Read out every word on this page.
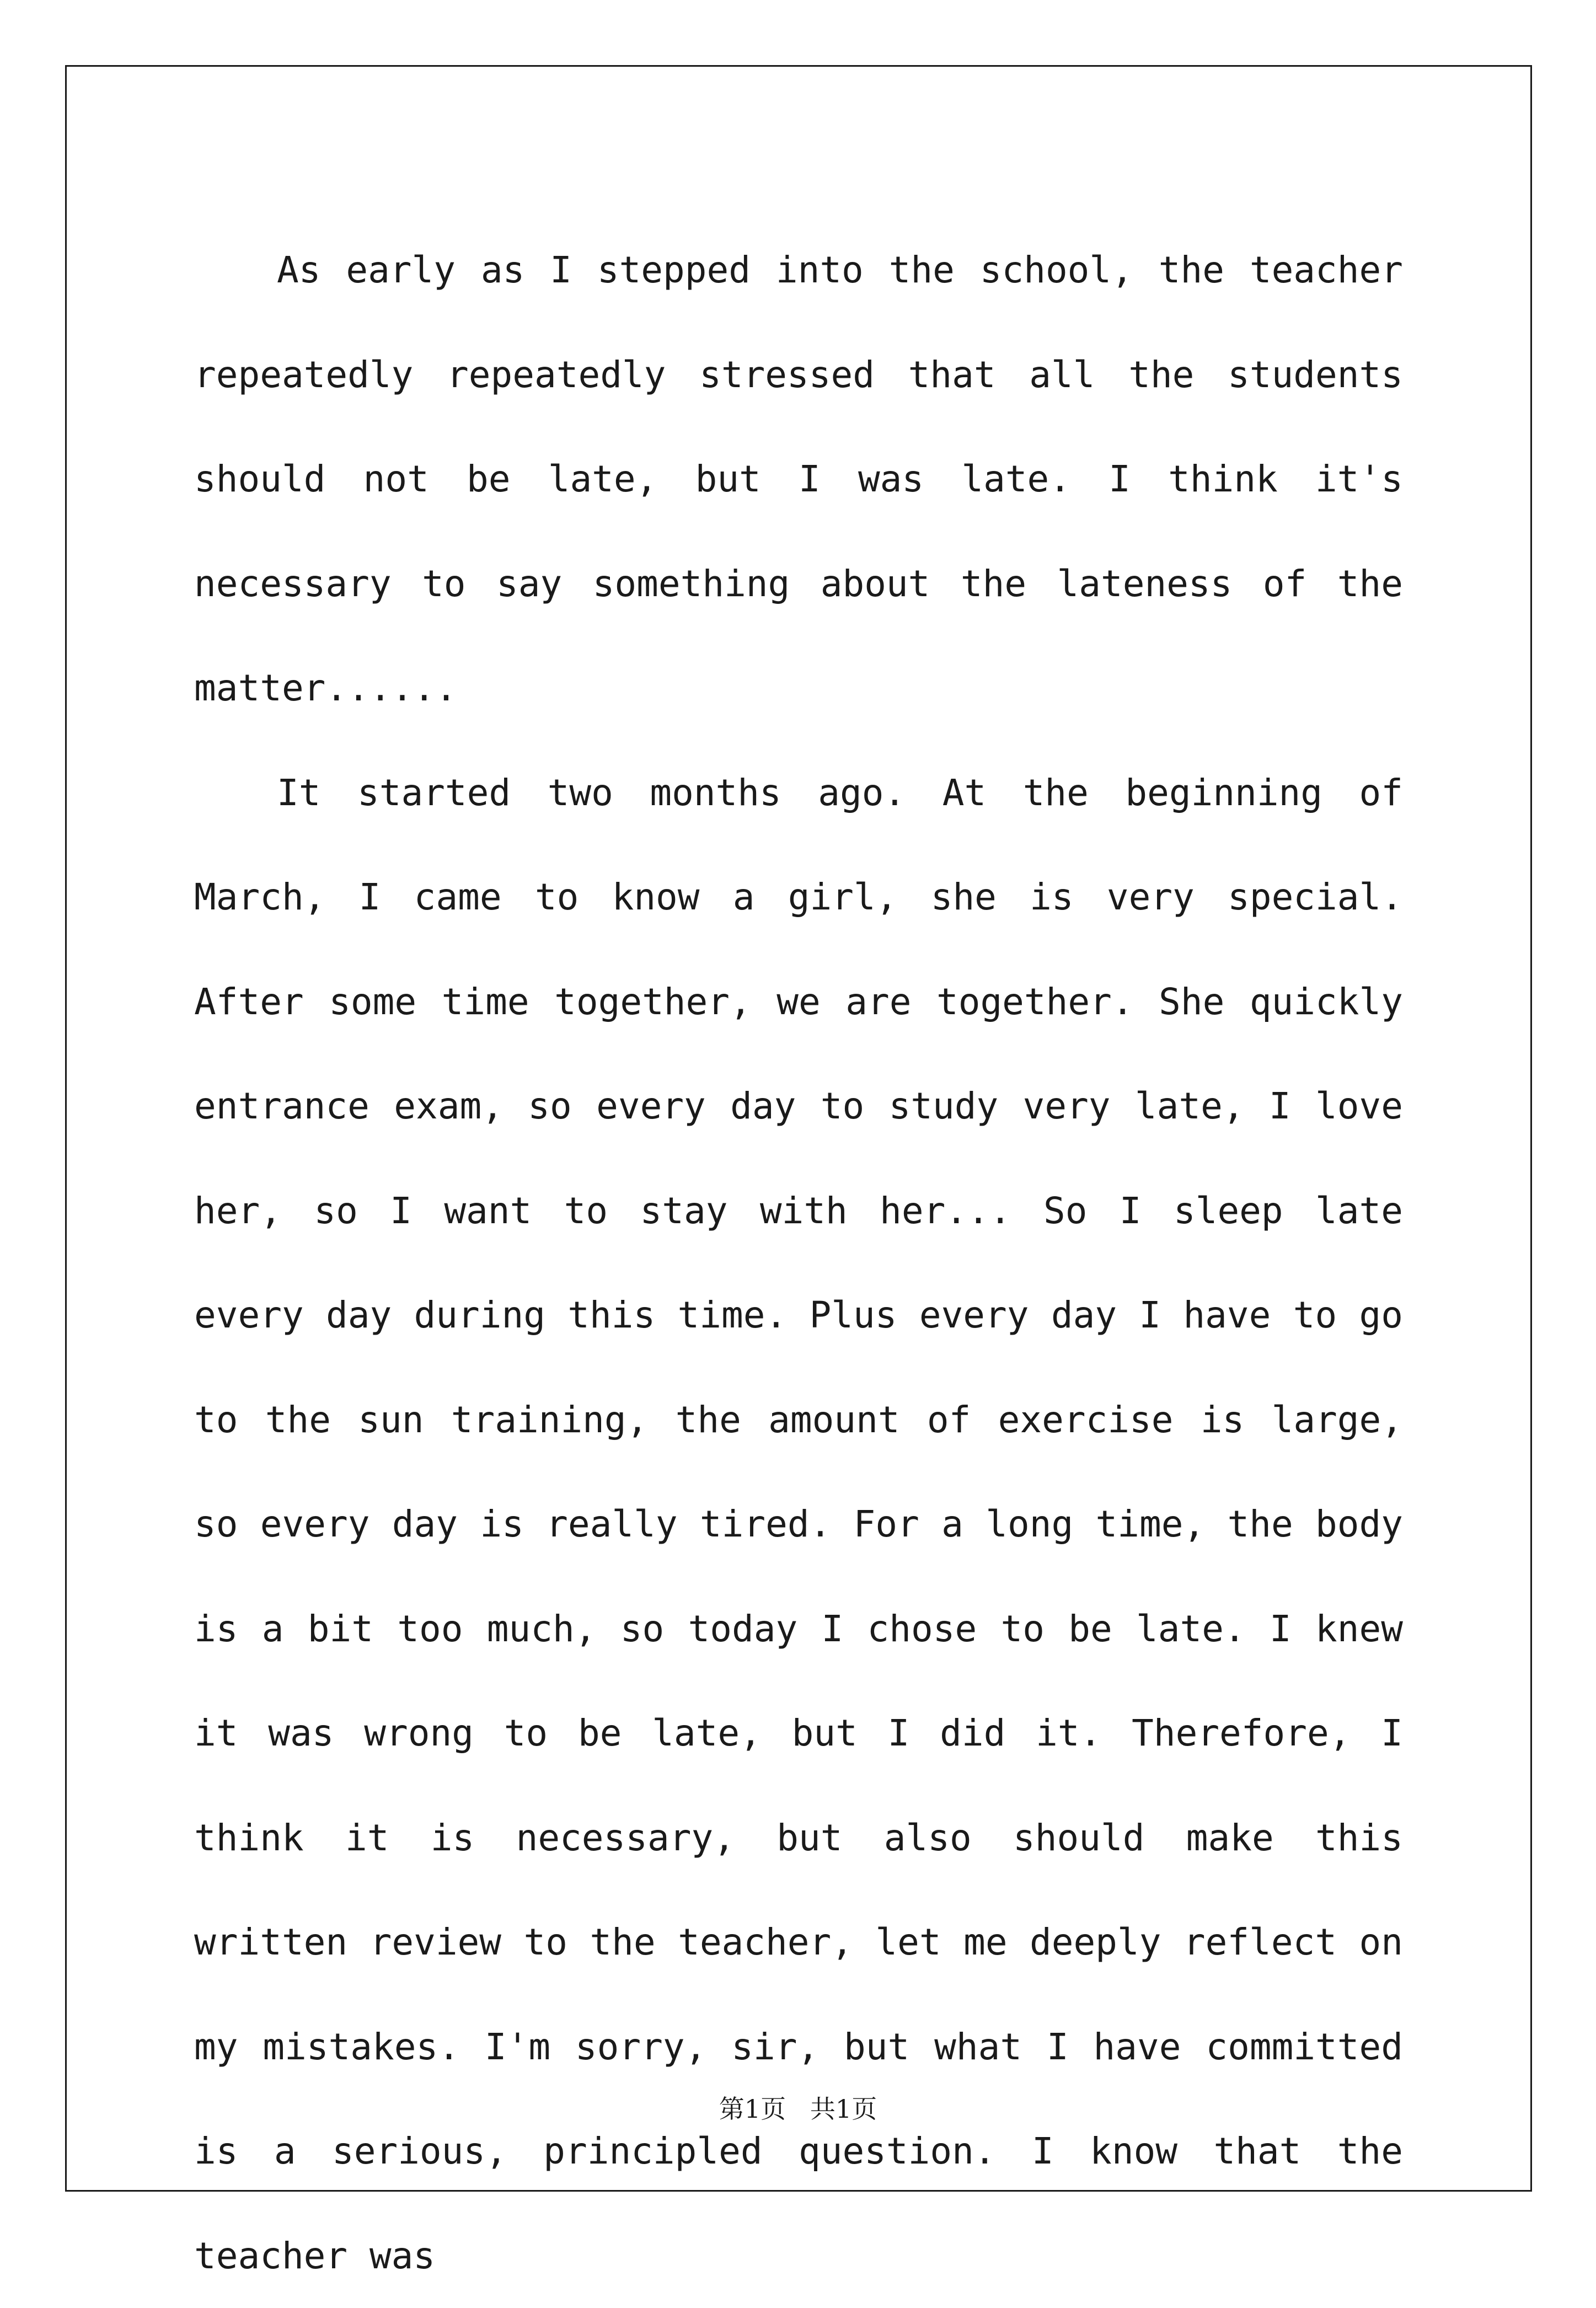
As early as I stepped into the school, the teacher repeatedly repeatedly stressed that all the students should not be late, but I was late. I think it's necessary to say something about the lateness of the matter......

It started two months ago. At the beginning of March, I came to know a girl, she is very special. After some time together, we are together. She quickly entrance exam, so every day to study very late, I love her, so I want to stay with her... So I sleep late every day during this time. Plus every day I have to go to the sun training, the amount of exercise is large, so every day is really tired. For a long time, the body is a bit too much, so today I chose to be late. I knew it was wrong to be late, but I did it. Therefore, I think it is necessary, but also should make this written review to the teacher, let me deeply reflect on my mistakes. I'm sorry, sir, but what I have committed is a serious, principled question. I know that the teacher was

第1页   共1页
